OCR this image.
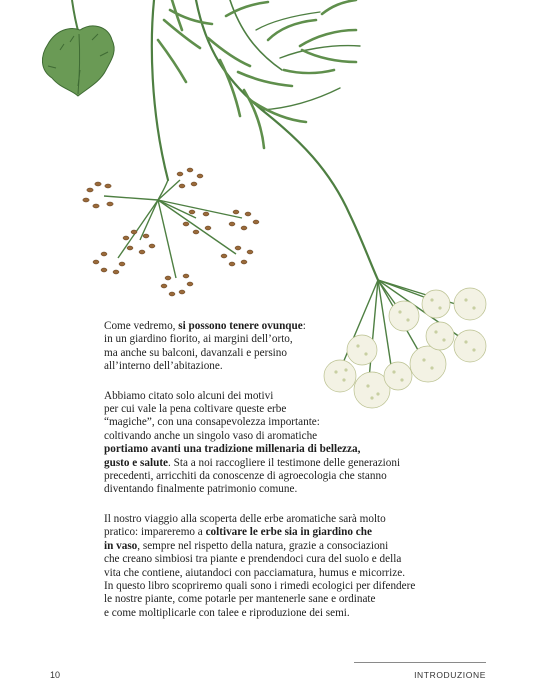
Come vedremo, si possono tenere ovunque:
in un giardino fiorito, ai margini dell’orto,
ma anche su balconi, davanzali e persino
all’interno dell’abitazione.

Abbiamo citato solo alcuni dei motivi
per cui vale la pena coltivare queste erbe
“magiche”, con una consapevolezza importante:
coltivando anche un singolo vaso di aromatiche
portiamo avanti una tradizione millenaria di bellezza,
gusto e salute. Sta a noi raccogliere il testimone delle generazioni
precedenti, arricchiti da conoscenze di agroecologia che stanno
diventando finalmente patrimonio comune.

Il nostro viaggio alla scoperta delle erbe aromatiche sarà molto
pratico: impareremo a coltivare le erbe sia in giardino che
in vaso, sempre nel rispetto della natura, grazie a consociazioni
che creano simbiosi tra piante e prendendoci cura del suolo e della
vita che contiene, aiutandoci con pacciamatura, humus e micorrize.
In questo libro scopriremo quali sono i rimedi ecologici per difendere
le nostre piante, come potarle per mantenerle sane e ordinate
e come moltiplicarle con talee e riproduzione dei semi.

10	INTRODUZIONE
